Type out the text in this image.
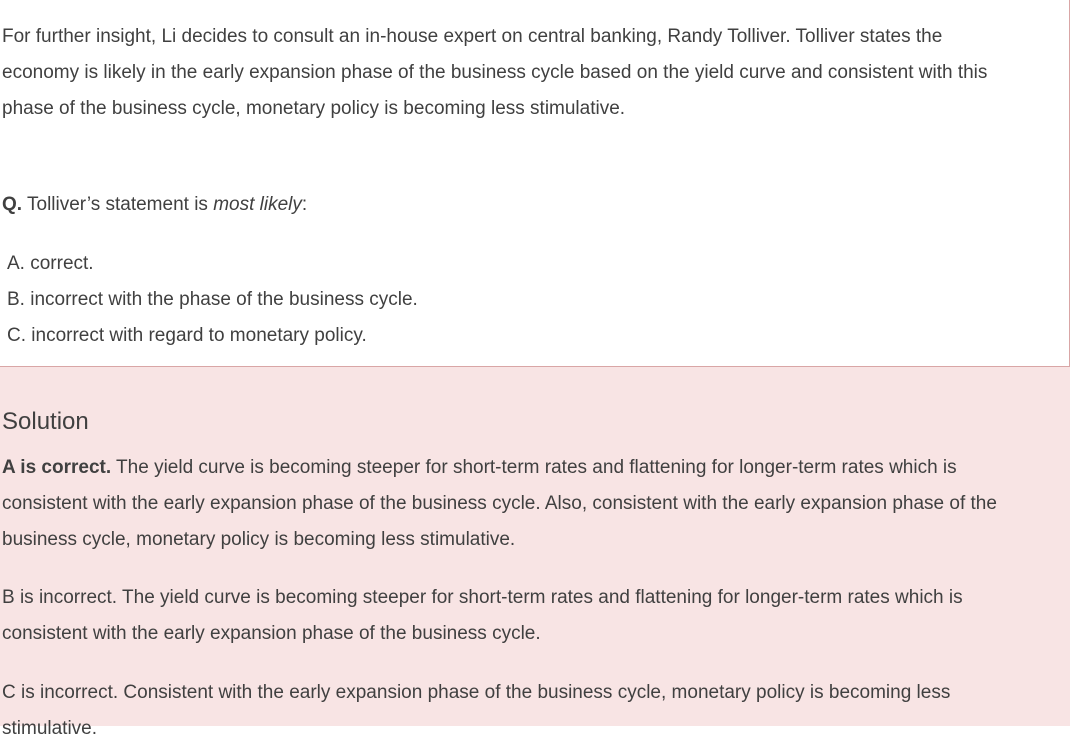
For further insight, Li decides to consult an in-house expert on central banking, Randy Tolliver. Tolliver states the

economy is likely in the early expansion phase of the business cycle based on the yield curve and consistent with this

phase of the business cycle, monetary policy is becoming less stimulative.

Q. Tolliver’s statement is most likely:

A. correct.
B. incorrect with the phase of the business cycle.
C. incorrect with regard to monetary policy.
Solution

A is correct. The yield curve is becoming steeper for short-term rates and flattening for longer-term rates which is

consistent with the early expansion phase of the business cycle. Also, consistent with the early expansion phase of the

business cycle, monetary policy is becoming less stimulative.

B is incorrect. The yield curve is becoming steeper for short-term rates and flattening for longer-term rates which is

consistent with the early expansion phase of the business cycle.

C is incorrect. Consistent with the early expansion phase of the business cycle, monetary policy is becoming less

stimulative.
